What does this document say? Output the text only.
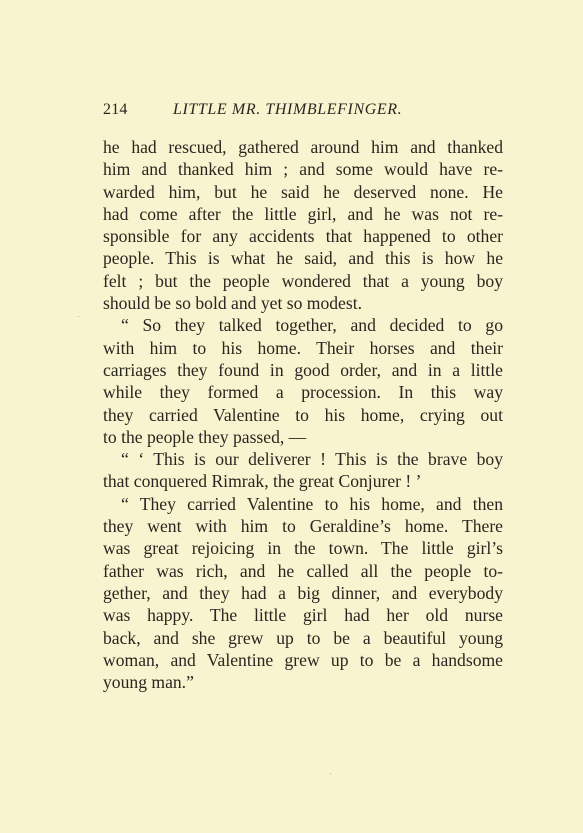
214	LITTLE MR. THIMBLEFINGER.
he had rescued, gathered around him and thanked
him and thanked him ; and some would have re-
warded him, but he said he deserved none. He
had come after the little girl, and he was not re-
sponsible for any accidents that happened to other
people. This is what he said, and this is how he
felt ; but the people wondered that a young boy
should be so bold and yet so modest.
“ So they talked together, and decided to go
with him to his home. Their horses and their
carriages they found in good order, and in a little
while they formed a procession. In this way
they carried Valentine to his home, crying out
to the people they passed, —
“ ‘ This is our deliverer ! This is the brave boy
that conquered Rimrak, the great Conjurer ! ’
“ They carried Valentine to his home, and then
they went with him to Geraldine’s home. There
was great rejoicing in the town. The little girl’s
father was rich, and he called all the people to-
gether, and they had a big dinner, and everybody
was happy. The little girl had her old nurse
back, and she grew up to be a beautiful young
woman, and Valentine grew up to be a handsome
young man.”
